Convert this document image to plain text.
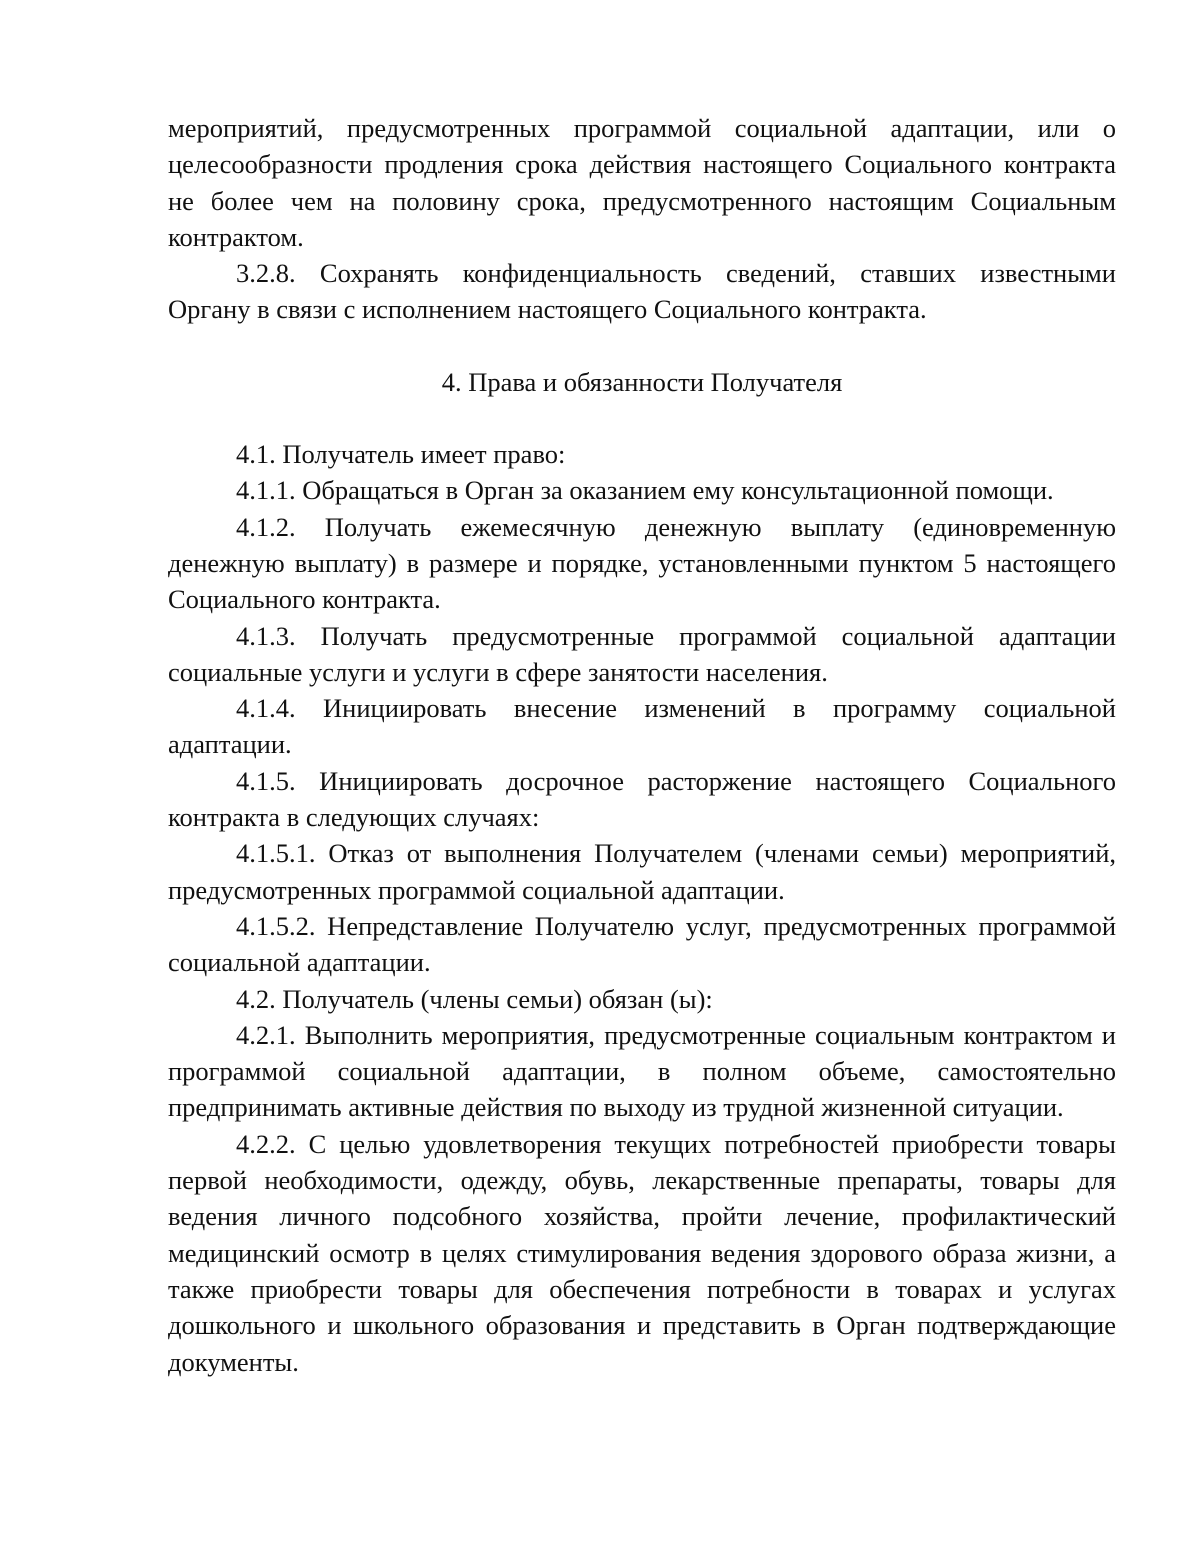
мероприятий, предусмотренных программой социальной адаптации, или о целесообразности продления срока действия настоящего Социального контракта не более чем на половину срока, предусмотренного настоящим Социальным контрактом.

3.2.8. Сохранять конфиденциальность сведений, ставших известными Органу в связи с исполнением настоящего Социального контракта.

4. Права и обязанности Получателя

4.1. Получатель имеет право:

4.1.1. Обращаться в Орган за оказанием ему консультационной помощи.

4.1.2. Получать ежемесячную денежную выплату (единовременную денежную выплату) в размере и порядке, установленными пунктом 5 настоящего Социального контракта.

4.1.3. Получать предусмотренные программой социальной адаптации социальные услуги и услуги в сфере занятости населения.

4.1.4. Инициировать внесение изменений в программу социальной адаптации.

4.1.5. Инициировать досрочное расторжение настоящего Социального контракта в следующих случаях:

4.1.5.1. Отказ от выполнения Получателем (членами семьи) мероприятий, предусмотренных программой социальной адаптации.

4.1.5.2. Непредставление Получателю услуг, предусмотренных программой социальной адаптации.

4.2. Получатель (члены семьи) обязан (ы):

4.2.1. Выполнить мероприятия, предусмотренные социальным контрактом и программой социальной адаптации, в полном объеме, самостоятельно предпринимать активные действия по выходу из трудной жизненной ситуации.

4.2.2. С целью удовлетворения текущих потребностей приобрести товары первой необходимости, одежду, обувь, лекарственные препараты, товары для ведения личного подсобного хозяйства, пройти лечение, профилактический медицинский осмотр в целях стимулирования ведения здорового образа жизни, а также приобрести товары для обеспечения потребности в товарах и услугах дошкольного и школьного образования и представить в Орган подтверждающие документы.
